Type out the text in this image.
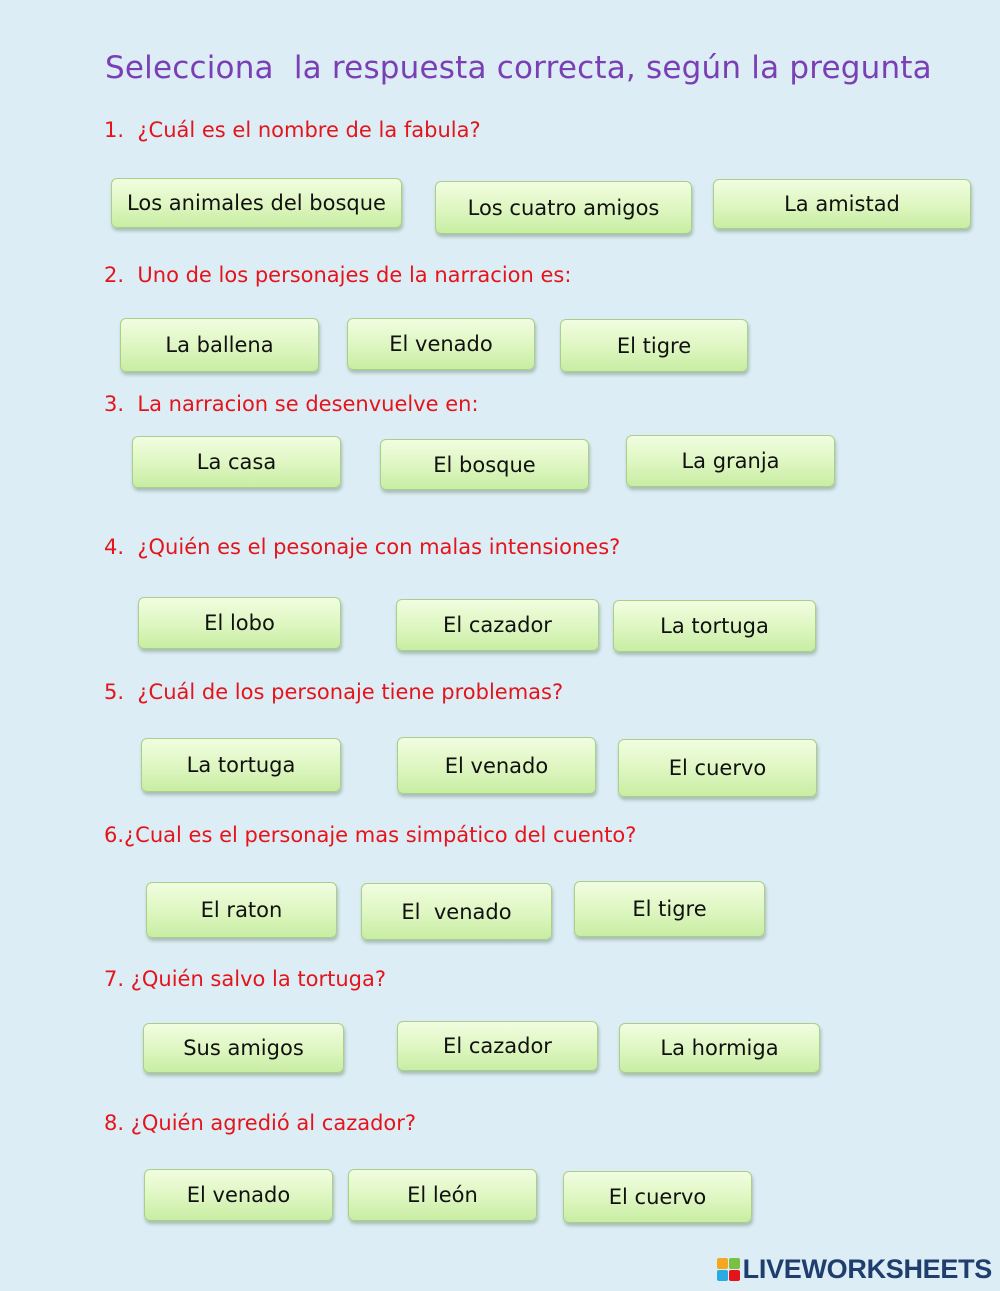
Selecciona  la respuesta correcta, según la pregunta
1.  ¿Cuál es el nombre de la fabula?
Los animales del bosque	Los cuatro amigos	La amistad
2.  Uno de los personajes de la narracion es:
La ballena	El venado	El tigre
3.  La narracion se desenvuelve en:
La casa	El bosque	La granja
4.  ¿Quién es el pesonaje con malas intensiones?
El lobo	El cazador	La tortuga
5.  ¿Cuál de los personaje tiene problemas?
La tortuga	El venado	El cuervo
6.¿Cual es el personaje mas simpático del cuento?
El raton	El  venado	El tigre
7. ¿Quién salvo la tortuga?
Sus amigos	El cazador	La hormiga
8. ¿Quién agredió al cazador?
El venado	El león	El cuervo
LIVEWORKSHEETS
